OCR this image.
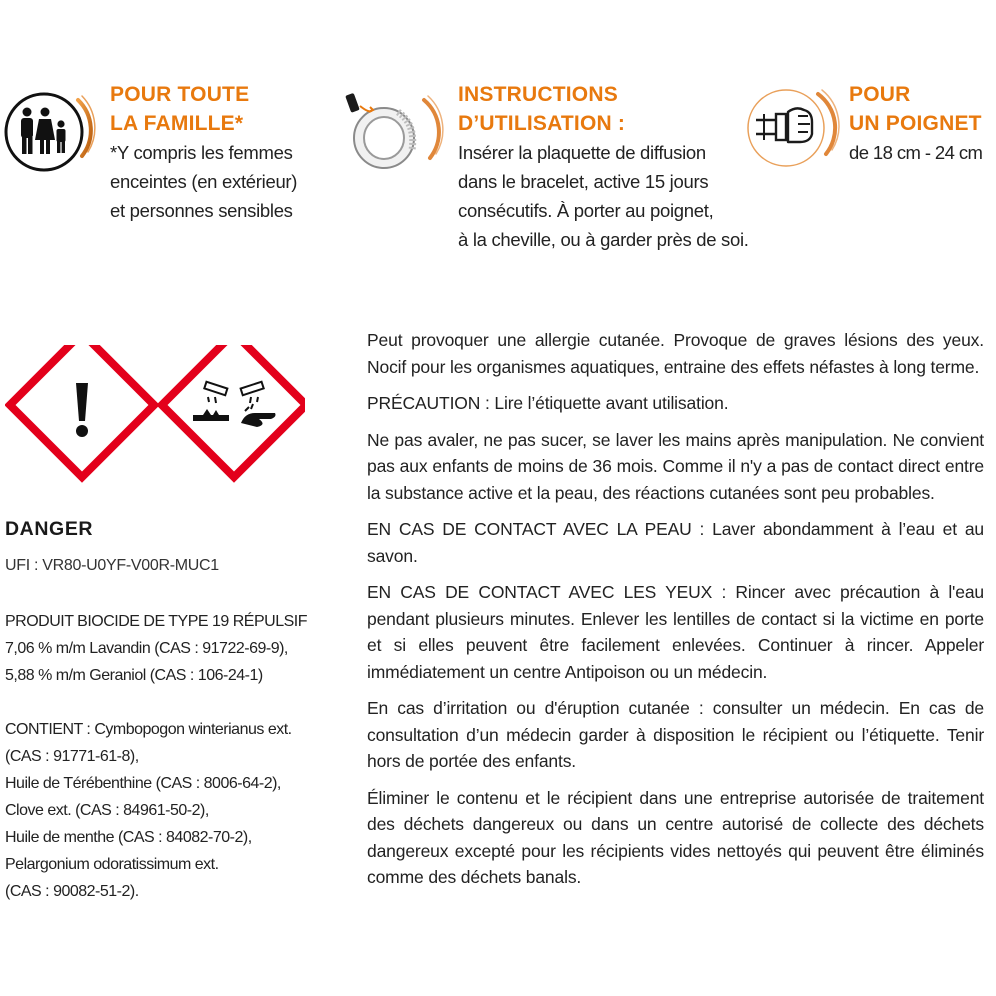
POUR TOUTE
LA FAMILLE*

*Y compris les femmes
enceintes (en extérieur)
et personnes sensibles

INSTRUCTIONS
D’UTILISATION :

Insérer la plaquette de diffusion
dans le bracelet, active 15 jours
consécutifs. À porter au poignet,
à la cheville, ou à garder près de soi.

POUR
UN POIGNET

de 18 cm - 24 cm

DANGER

UFI : VR80-U0YF-V00R-MUC1

PRODUIT BIOCIDE DE TYPE 19 RÉPULSIF
7,06 % m/m Lavandin (CAS : 91722-69-9),
5,88 % m/m Geraniol (CAS : 106-24-1)

CONTIENT : Cymbopogon winterianus ext.
(CAS : 91771-61-8),
Huile de Térébenthine (CAS : 8006-64-2),
Clove ext. (CAS : 84961-50-2),
Huile de menthe (CAS : 84082-70-2),
Pelargonium odoratissimum ext.
(CAS : 90082-51-2).

Peut provoquer une allergie cutanée. Provoque de graves lésions des yeux. Nocif pour les organismes aquatiques, entraine des effets néfastes à long terme.

PRÉCAUTION : Lire l’étiquette avant utilisation.

Ne pas avaler, ne pas sucer, se laver les mains après manipulation. Ne convient pas aux enfants de moins de 36 mois. Comme il n'y a pas de contact direct entre la substance active et la peau, des réactions cutanées sont peu probables.

EN CAS DE CONTACT AVEC LA PEAU : Laver abondamment à l’eau et au savon.

EN CAS DE CONTACT AVEC LES YEUX : Rincer avec précaution à l'eau pendant plusieurs minutes. Enlever les lentilles de contact si la victime en porte et si elles peuvent être facilement enlevées. Continuer à rincer. Appeler immédiatement un centre Antipoison ou un médecin.

En cas d’irritation ou d'éruption cutanée : consulter un médecin. En cas de consultation d’un médecin garder à disposition le récipient ou l’étiquette. Tenir hors de portée des enfants.

Éliminer le contenu et le récipient dans une entreprise autorisée de traitement des déchets dangereux ou dans un centre autorisé de collecte des déchets dangereux excepté pour les récipients vides nettoyés qui peuvent être éliminés comme des déchets banals.
